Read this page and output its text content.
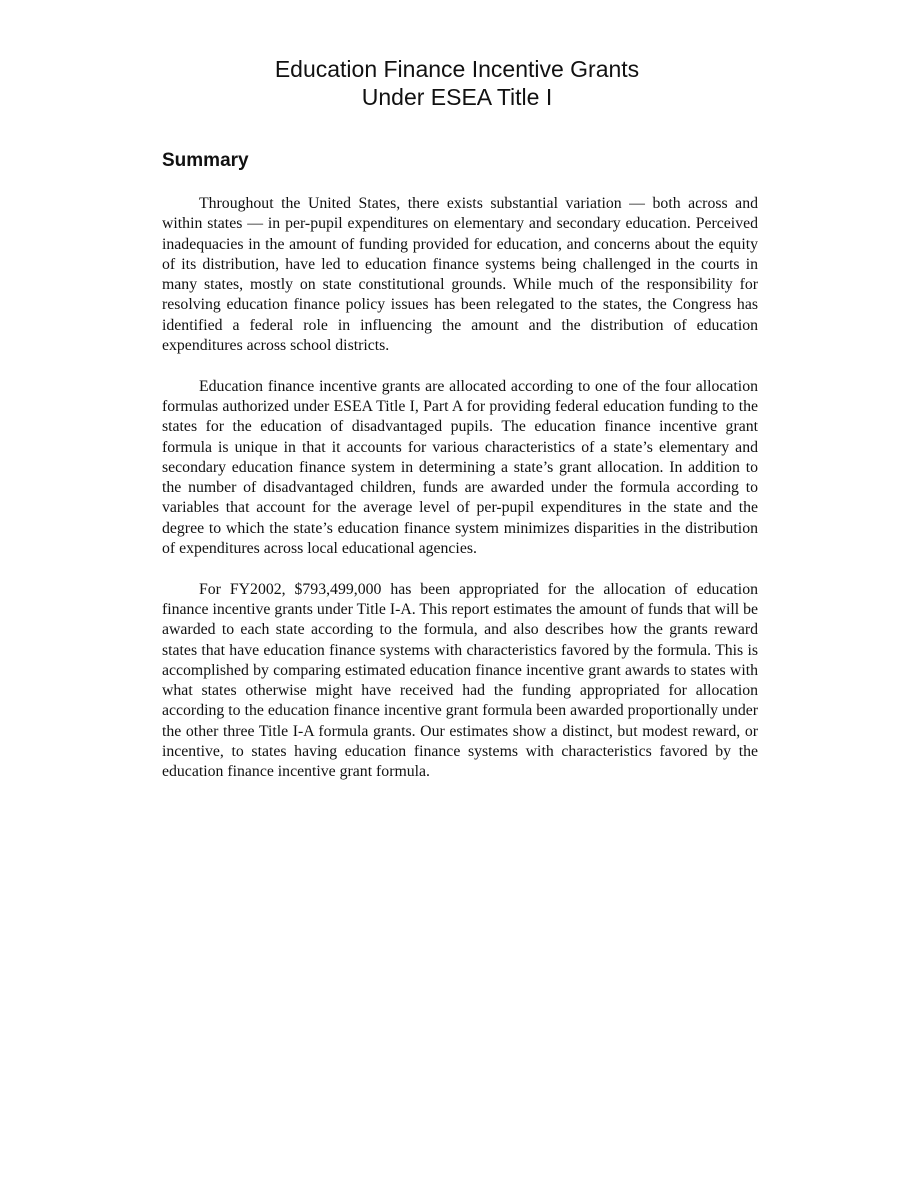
Education Finance Incentive Grants
Under ESEA Title I
Summary

Throughout the United States, there exists substantial variation — both across and within states — in per-pupil expenditures on elementary and secondary education. Perceived inadequacies in the amount of funding provided for education, and concerns about the equity of its distribution, have led to education finance systems being challenged in the courts in many states, mostly on state constitutional grounds. While much of the responsibility for resolving education finance policy issues has been relegated to the states, the Congress has identified a federal role in influencing the amount and the distribution of education expenditures across school districts.

Education finance incentive grants are allocated according to one of the four allocation formulas authorized under ESEA Title I, Part A for providing federal education funding to the states for the education of disadvantaged pupils. The education finance incentive grant formula is unique in that it accounts for various characteristics of a state’s elementary and secondary education finance system in determining a state’s grant allocation. In addition to the number of disadvantaged children, funds are awarded under the formula according to variables that account for the average level of per-pupil expenditures in the state and the degree to which the state’s education finance system minimizes disparities in the distribution of expenditures across local educational agencies.

For FY2002, $793,499,000 has been appropriated for the allocation of education finance incentive grants under Title I-A. This report estimates the amount of funds that will be awarded to each state according to the formula, and also describes how the grants reward states that have education finance systems with characteristics favored by the formula. This is accomplished by comparing estimated education finance incentive grant awards to states with what states otherwise might have received had the funding appropriated for allocation according to the education finance incentive grant formula been awarded proportionally under the other three Title I-A formula grants. Our estimates show a distinct, but modest reward, or incentive, to states having education finance systems with characteristics favored by the education finance incentive grant formula.
